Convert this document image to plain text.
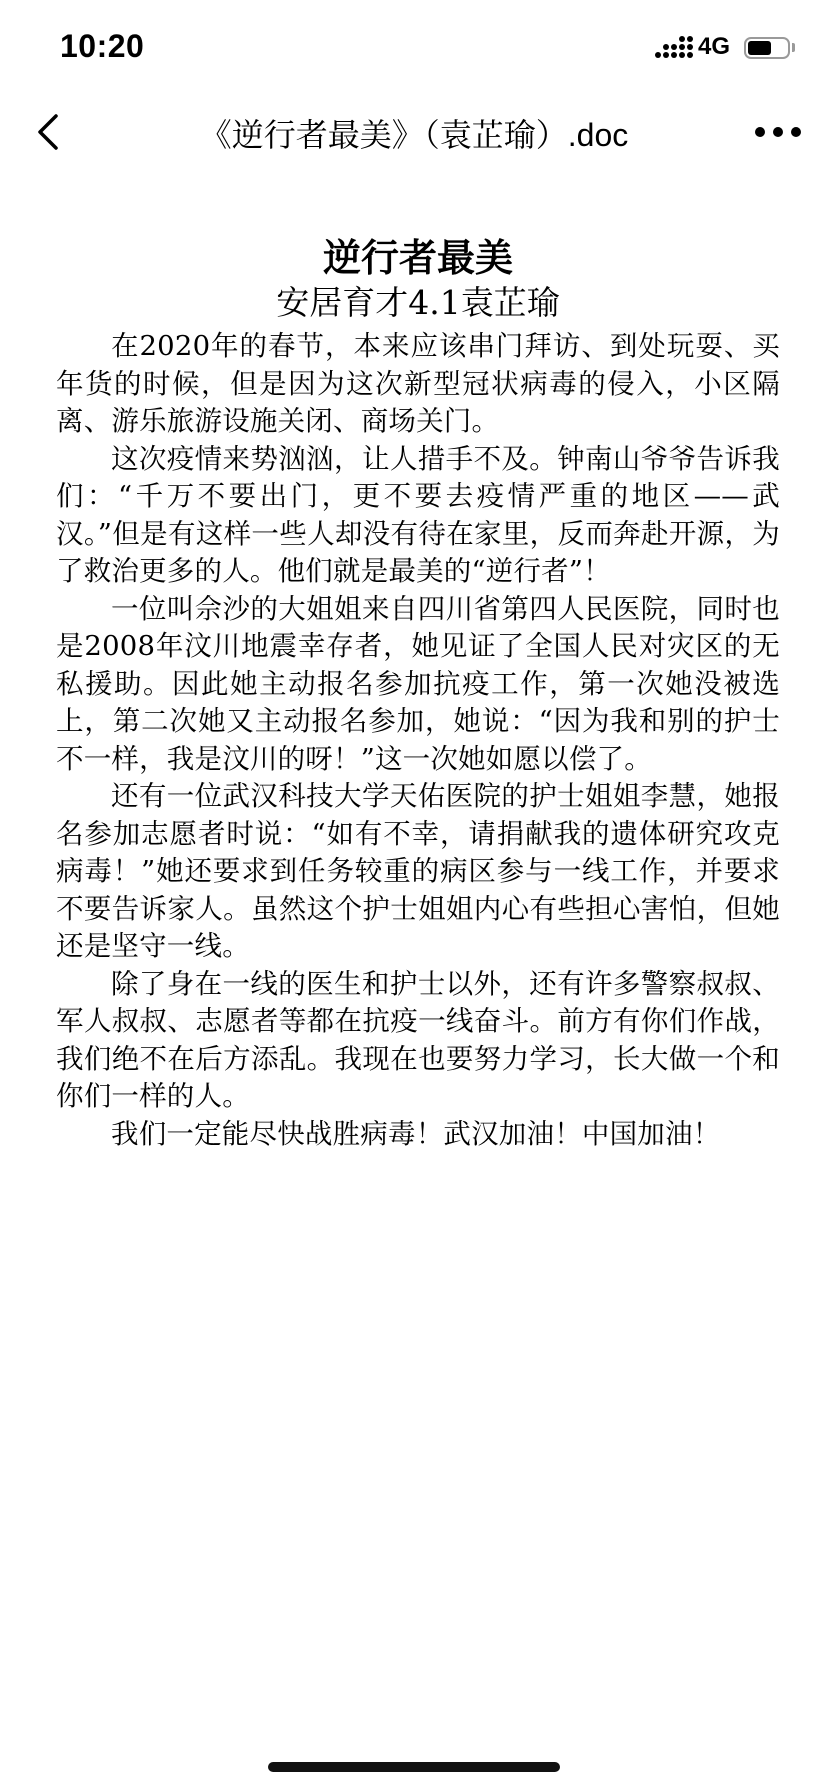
10:20	4G
《逆行者最美》（袁芷瑜）.doc
逆行者最美
安居育才4.1袁芷瑜

在2020年的春节，本来应该串门拜访、到处玩耍、买年货的时候，但是因为这次新型冠状病毒的侵入，小区隔离、游乐旅游设施关闭、商场关门。

这次疫情来势汹汹，让人措手不及。钟南山爷爷告诉我们：“千万不要出门，更不要去疫情严重的地区——武汉。”但是有这样一些人却没有待在家里，反而奔赴开源，为了救治更多的人。他们就是最美的“逆行者”！

一位叫佘沙的大姐姐来自四川省第四人民医院，同时也是2008年汶川地震幸存者，她见证了全国人民对灾区的无私援助。因此她主动报名参加抗疫工作，第一次她没被选上，第二次她又主动报名参加，她说：“因为我和别的护士不一样，我是汶川的呀！”这一次她如愿以偿了。

还有一位武汉科技大学天佑医院的护士姐姐李慧，她报名参加志愿者时说：“如有不幸，请捐献我的遗体研究攻克病毒！”她还要求到任务较重的病区参与一线工作，并要求不要告诉家人。虽然这个护士姐姐内心有些担心害怕，但她还是坚守一线。

除了身在一线的医生和护士以外，还有许多警察叔叔、军人叔叔、志愿者等都在抗疫一线奋斗。前方有你们作战，我们绝不在后方添乱。我现在也要努力学习，长大做一个和你们一样的人。

我们一定能尽快战胜病毒！武汉加油！中国加油！
